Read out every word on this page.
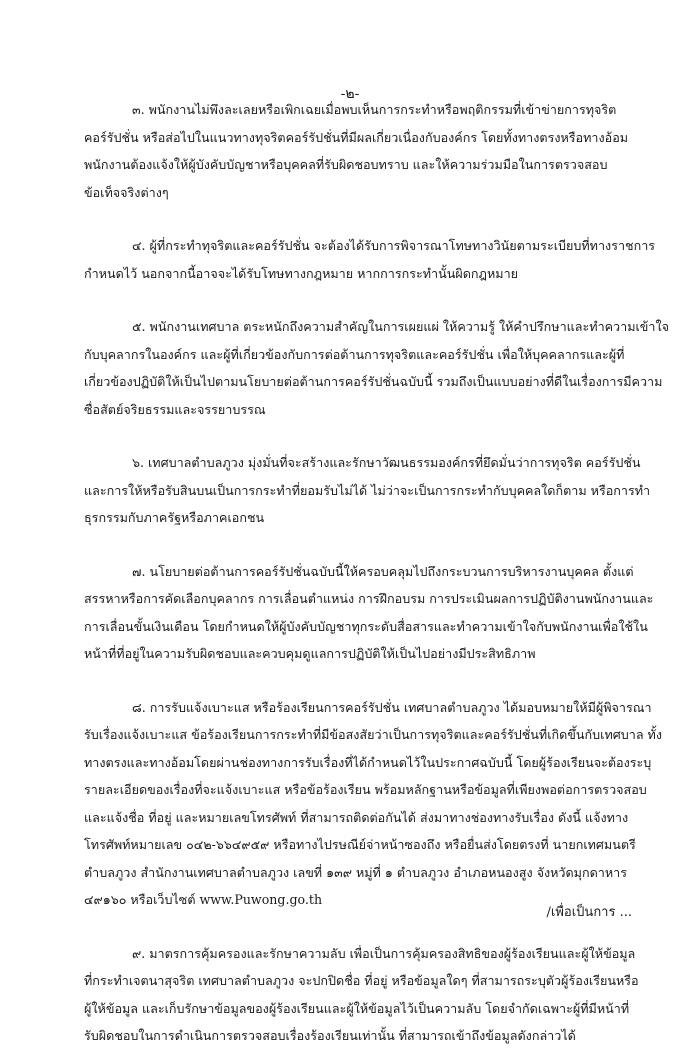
-๒-
๓. พนักงานไม่พึงละเลยหรือเพิกเฉยเมื่อพบเห็นการกระทำหรือพฤติกรรมที่เข้าข่ายการทุจริต
คอร์รัปชั่น หรือส่อไปในแนวทางทุจริตคอร์รัปชั่นที่มีผลเกี่ยวเนื่องกับองค์กร โดยทั้งทางตรงหรือทางอ้อม
พนักงานต้องแจ้งให้ผู้บังคับบัญชาหรือบุคคลที่รับผิดชอบทราบ และให้ความร่วมมือในการตรวจสอบ
ข้อเท็จจริงต่างๆ
๔. ผู้ที่กระทำทุจริตและคอร์รัปชั่น จะต้องได้รับการพิจารณาโทษทางวินัยตามระเบียบที่ทางราชการ
กำหนดไว้ นอกจากนี้อาจจะได้รับโทษทางกฎหมาย หากการกระทำนั้นผิดกฎหมาย
๕. พนักงานเทศบาล ตระหนักถึงความสำคัญในการเผยแผ่ ให้ความรู้ ให้คำปรึกษาและทำความเข้าใจ
กับบุคลากรในองค์กร และผู้ที่เกี่ยวข้องกับการต่อต้านการทุจริตและคอร์รัปชั่น เพื่อให้บุคคลากรและผู้ที่
เกี่ยวข้องปฏิบัติให้เป็นไปตามนโยบายต่อต้านการคอร์รัปชั่นฉบับนี้ รวมถึงเป็นแบบอย่างที่ดีในเรื่องการมีความ
ซื่อสัตย์จริยธรรมและจรรยาบรรณ
๖. เทศบาลตำบลภูวง มุ่งมั่นที่จะสร้างและรักษาวัฒนธรรมองค์กรที่ยึดมั่นว่าการทุจริต คอร์รัปชั่น
และการให้หรือรับสินบนเป็นการกระทำที่ยอมรับไม่ได้ ไม่ว่าจะเป็นการกระทำกับบุคคลใดก็ตาม หรือการทำ
ธุรกรรมกับภาครัฐหรือภาคเอกชน
๗. นโยบายต่อต้านการคอร์รัปชั่นฉบับนี้ให้ครอบคลุมไปถึงกระบวนการบริหารงานบุคคล ตั้งแต่
สรรหาหรือการคัดเลือกบุคลากร การเลื่อนตำแหน่ง การฝึกอบรม การประเมินผลการปฏิบัติงานพนักงานและ
การเลื่อนขั้นเงินเดือน โดยกำหนดให้ผู้บังคับบัญชาทุกระดับสื่อสารและทำความเข้าใจกับพนักงานเพื่อใช้ใน
หน้าที่ที่อยู่ในความรับผิดชอบและควบคุมดูแลการปฏิบัติให้เป็นไปอย่างมีประสิทธิภาพ
๘. การรับแจ้งเบาะแส หรือร้องเรียนการคอร์รัปชั่น เทศบาลตำบลภูวง ได้มอบหมายให้มีผู้พิจารณา
รับเรื่องแจ้งเบาะแส ข้อร้องเรียนการกระทำที่มีข้อสงสัยว่าเป็นการทุจริตและคอร์รัปชั่นที่เกิดขึ้นกับเทศบาล ทั้ง
ทางตรงและทางอ้อมโดยผ่านช่องทางการรับเรื่องที่ได้กำหนดไว้ในประกาศฉบับนี้ โดยผู้ร้องเรียนจะต้องระบุ
รายละเอียดของเรื่องที่จะแจ้งเบาะแส หรือข้อร้องเรียน พร้อมหลักฐานหรือข้อมูลที่เพียงพอต่อการตรวจสอบ
และแจ้งชื่อ ที่อยู่ และหมายเลขโทรศัพท์ ที่สามารถติดต่อกันได้ ส่งมาทางช่องทางรับเรื่อง ดังนี้ แจ้งทาง
โทรศัพท์หมายเลข ๐๔๒-๖๖๔๙๕๙ หรือทางไปรษณีย์จ่าหน้าซองถึง หรือยื่นส่งโดยตรงที่ นายกเทศมนตรี
ตำบลภูวง สำนักงานเทศบาลตำบลภูวง เลขที่ ๑๓๙ หมู่ที่ ๑ ตำบลภูวง อำเภอหนองสูง จังหวัดมุกดาหาร
๔๙๑๖๐ หรือเว็บไซต์ www.Puwong.go.th
๙. มาตรการคุ้มครองและรักษาความลับ เพื่อเป็นการคุ้มครองสิทธิของผู้ร้องเรียนและผู้ให้ข้อมูล
ที่กระทำเจตนาสุจริต เทศบาลตำบลภูวง จะปกปิดชื่อ ที่อยู่ หรือข้อมูลใดๆ ที่สามารถระบุตัวผู้ร้องเรียนหรือ
ผู้ให้ข้อมูล และเก็บรักษาข้อมูลของผู้ร้องเรียนและผู้ให้ข้อมูลไว้เป็นความลับ โดยจำกัดเฉพาะผู้ที่มีหน้าที่
รับผิดชอบในการดำเนินการตรวจสอบเรื่องร้องเรียนเท่านั้น ที่สามารถเข้าถึงข้อมูลดังกล่าวได้
/เพื่อเป็นการ ...
